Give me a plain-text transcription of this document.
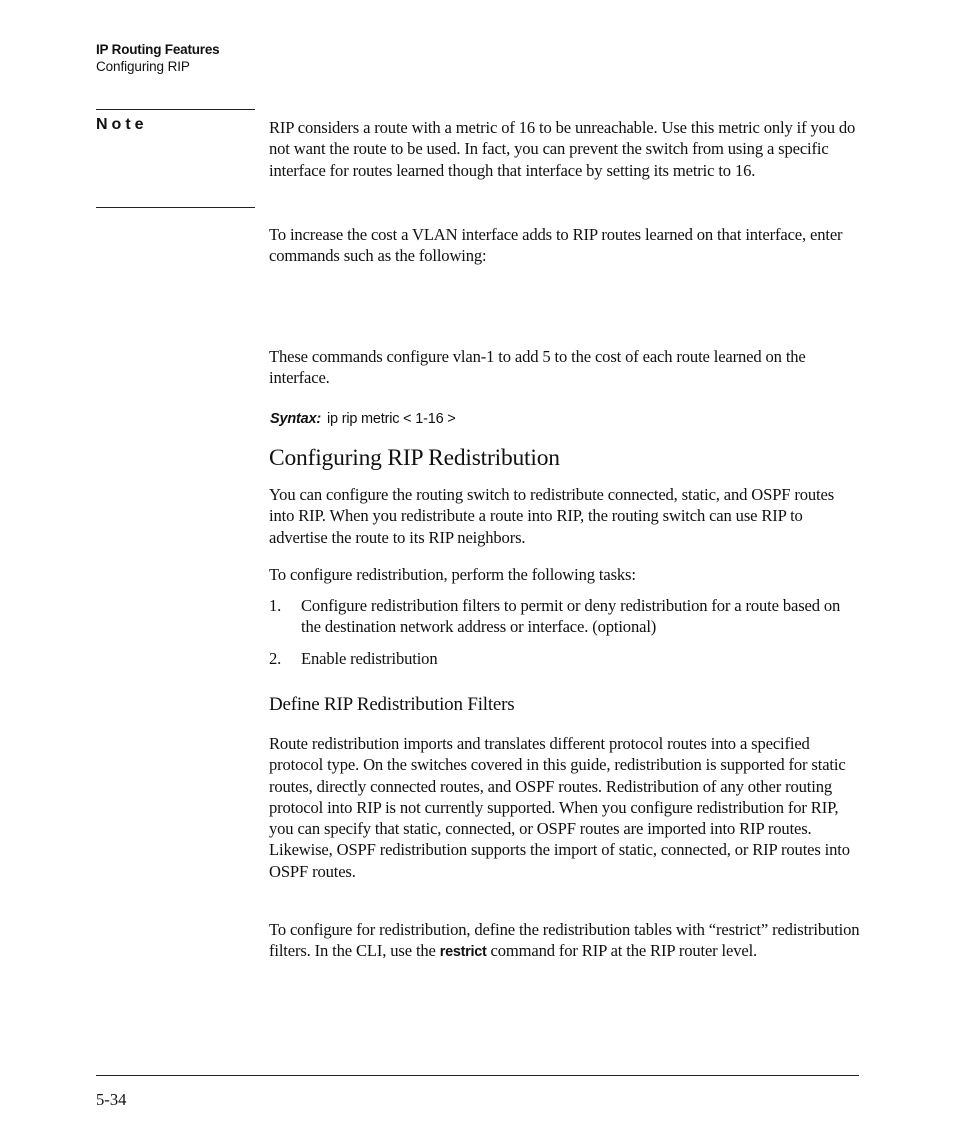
IP Routing Features
Configuring RIP
Note	RIP considers a route with a metric of 16 to be unreachable. Use this metric only if you do not want the route to be used. In fact, you can prevent the switch from using a specific interface for routes learned though that interface by setting its metric to 16.

To increase the cost a VLAN interface adds to RIP routes learned on that interface, enter commands such as the following:

These commands configure vlan-1 to add 5 to the cost of each route learned on the interface.

Syntax: ip rip metric < 1-16 >
Configuring RIP Redistribution

You can configure the routing switch to redistribute connected, static, and OSPF routes into RIP. When you redistribute a route into RIP, the routing switch can use RIP to advertise the route to its RIP neighbors.

To configure redistribution, perform the following tasks:

1. Configure redistribution filters to permit or deny redistribution for a route based on the destination network address or interface. (optional)
2. Enable redistribution
Define RIP Redistribution Filters

Route redistribution imports and translates different protocol routes into a specified protocol type. On the switches covered in this guide, redistribution is supported for static routes, directly connected routes, and OSPF routes. Redistribution of any other routing protocol into RIP is not currently supported. When you configure redistribution for RIP, you can specify that static, connected, or OSPF routes are imported into RIP routes. Likewise, OSPF redistribution supports the import of static, connected, or RIP routes into OSPF routes.

To configure for redistribution, define the redistribution tables with “restrict” redistribution filters. In the CLI, use the restrict command for RIP at the RIP router level.

5-34
